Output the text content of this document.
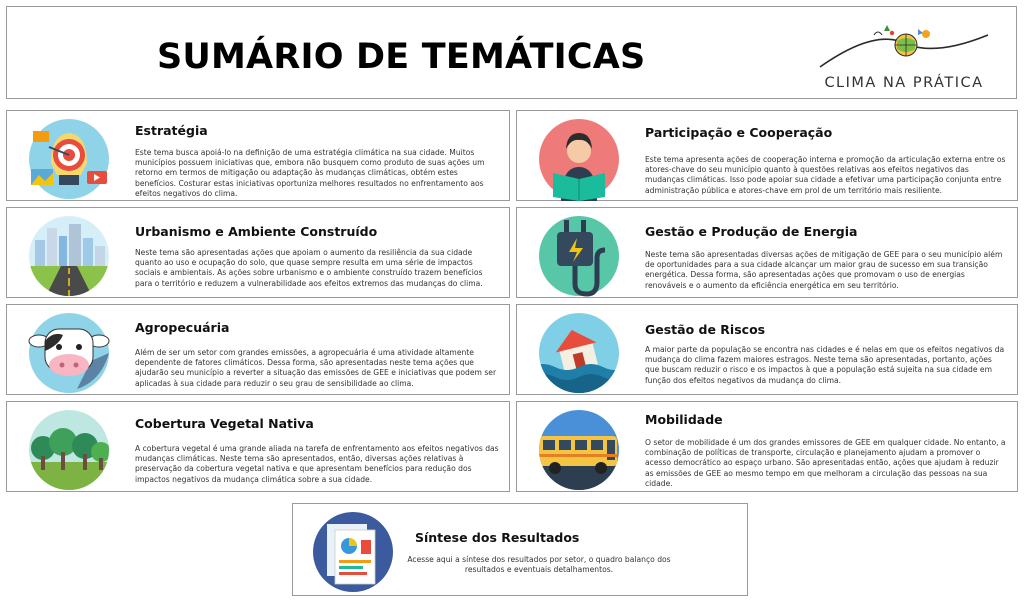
SUMÁRIO DE TEMÁTICAS
CLIMA NA PRÁTICA
Estratégia

Este tema busca apoiá-lo na definição de uma estratégia climática na sua cidade. Muitos municípios possuem iniciativas que, embora não busquem como produto de suas ações um retorno em termos de mitigação ou adaptação às mudanças climáticas, obtém estes benefícios. Costurar estas iniciativas oportuniza melhores resultados no enfrentamento aos efeitos negativos do clima.

Participação e Cooperação

Este tema apresenta ações de cooperação interna e promoção da articulação externa entre os atores-chave do seu município quanto à questões relativas aos efeitos negativos das mudanças climáticas. Isso pode apoiar sua cidade a efetivar uma participação conjunta entre administração pública e atores-chave em prol de um território mais resiliente.

Urbanismo e Ambiente Construído

Neste tema são apresentadas ações que apoiam o aumento da resiliência da sua cidade quanto ao uso e ocupação do solo, que quase sempre resulta em uma série de impactos sociais e ambientais. As ações sobre urbanismo e o ambiente construído trazem benefícios para o território e reduzem a vulnerabilidade aos efeitos extremos das mudanças do clima.

Gestão e Produção de Energia

Neste tema são apresentadas diversas ações de mitigação de GEE para o seu município além de oportunidades para a sua cidade alcançar um maior grau de sucesso em sua transição energética. Dessa forma, são apresentadas ações que promovam o uso de energias renováveis e o aumento da eficiência energética em seu território.

Agropecuária

Além de ser um setor com grandes emissões, a agropecuária é uma atividade altamente dependente de fatores climáticos. Dessa forma, são apresentadas neste tema ações que ajudarão seu município a reverter a situação das emissões de GEE e iniciativas que podem ser aplicadas à sua cidade para reduzir o seu grau de sensibilidade ao clima.

Gestão de Riscos

A maior parte da população se encontra nas cidades e é nelas em que os efeitos negativos da mudança do clima fazem maiores estragos. Neste tema são apresentadas, portanto, ações que buscam reduzir o risco e os impactos à que a população está sujeita na sua cidade em função dos efeitos negativos da mudança do clima.

Cobertura Vegetal Nativa

A cobertura vegetal é uma grande aliada na tarefa de enfrentamento aos efeitos negativos das mudanças climáticas. Neste tema são apresentados, então, diversas ações relativas à preservação da cobertura vegetal nativa e que apresentam benefícios para redução dos impactos negativos da mudança climática sobre a sua cidade.

Mobilidade

O setor de mobilidade é um dos grandes emissores de GEE em qualquer cidade. No entanto, a combinação de políticas de transporte, circulação e planejamento ajudam a promover o acesso democrático ao espaço urbano. São apresentadas então, ações que ajudam à reduzir as emissões de GEE ao mesmo tempo em que melhoram a circulação das pessoas na sua cidade.

Síntese dos Resultados

Acesse aqui a síntese dos resultados por setor, o quadro balanço dos resultados e eventuais detalhamentos.
